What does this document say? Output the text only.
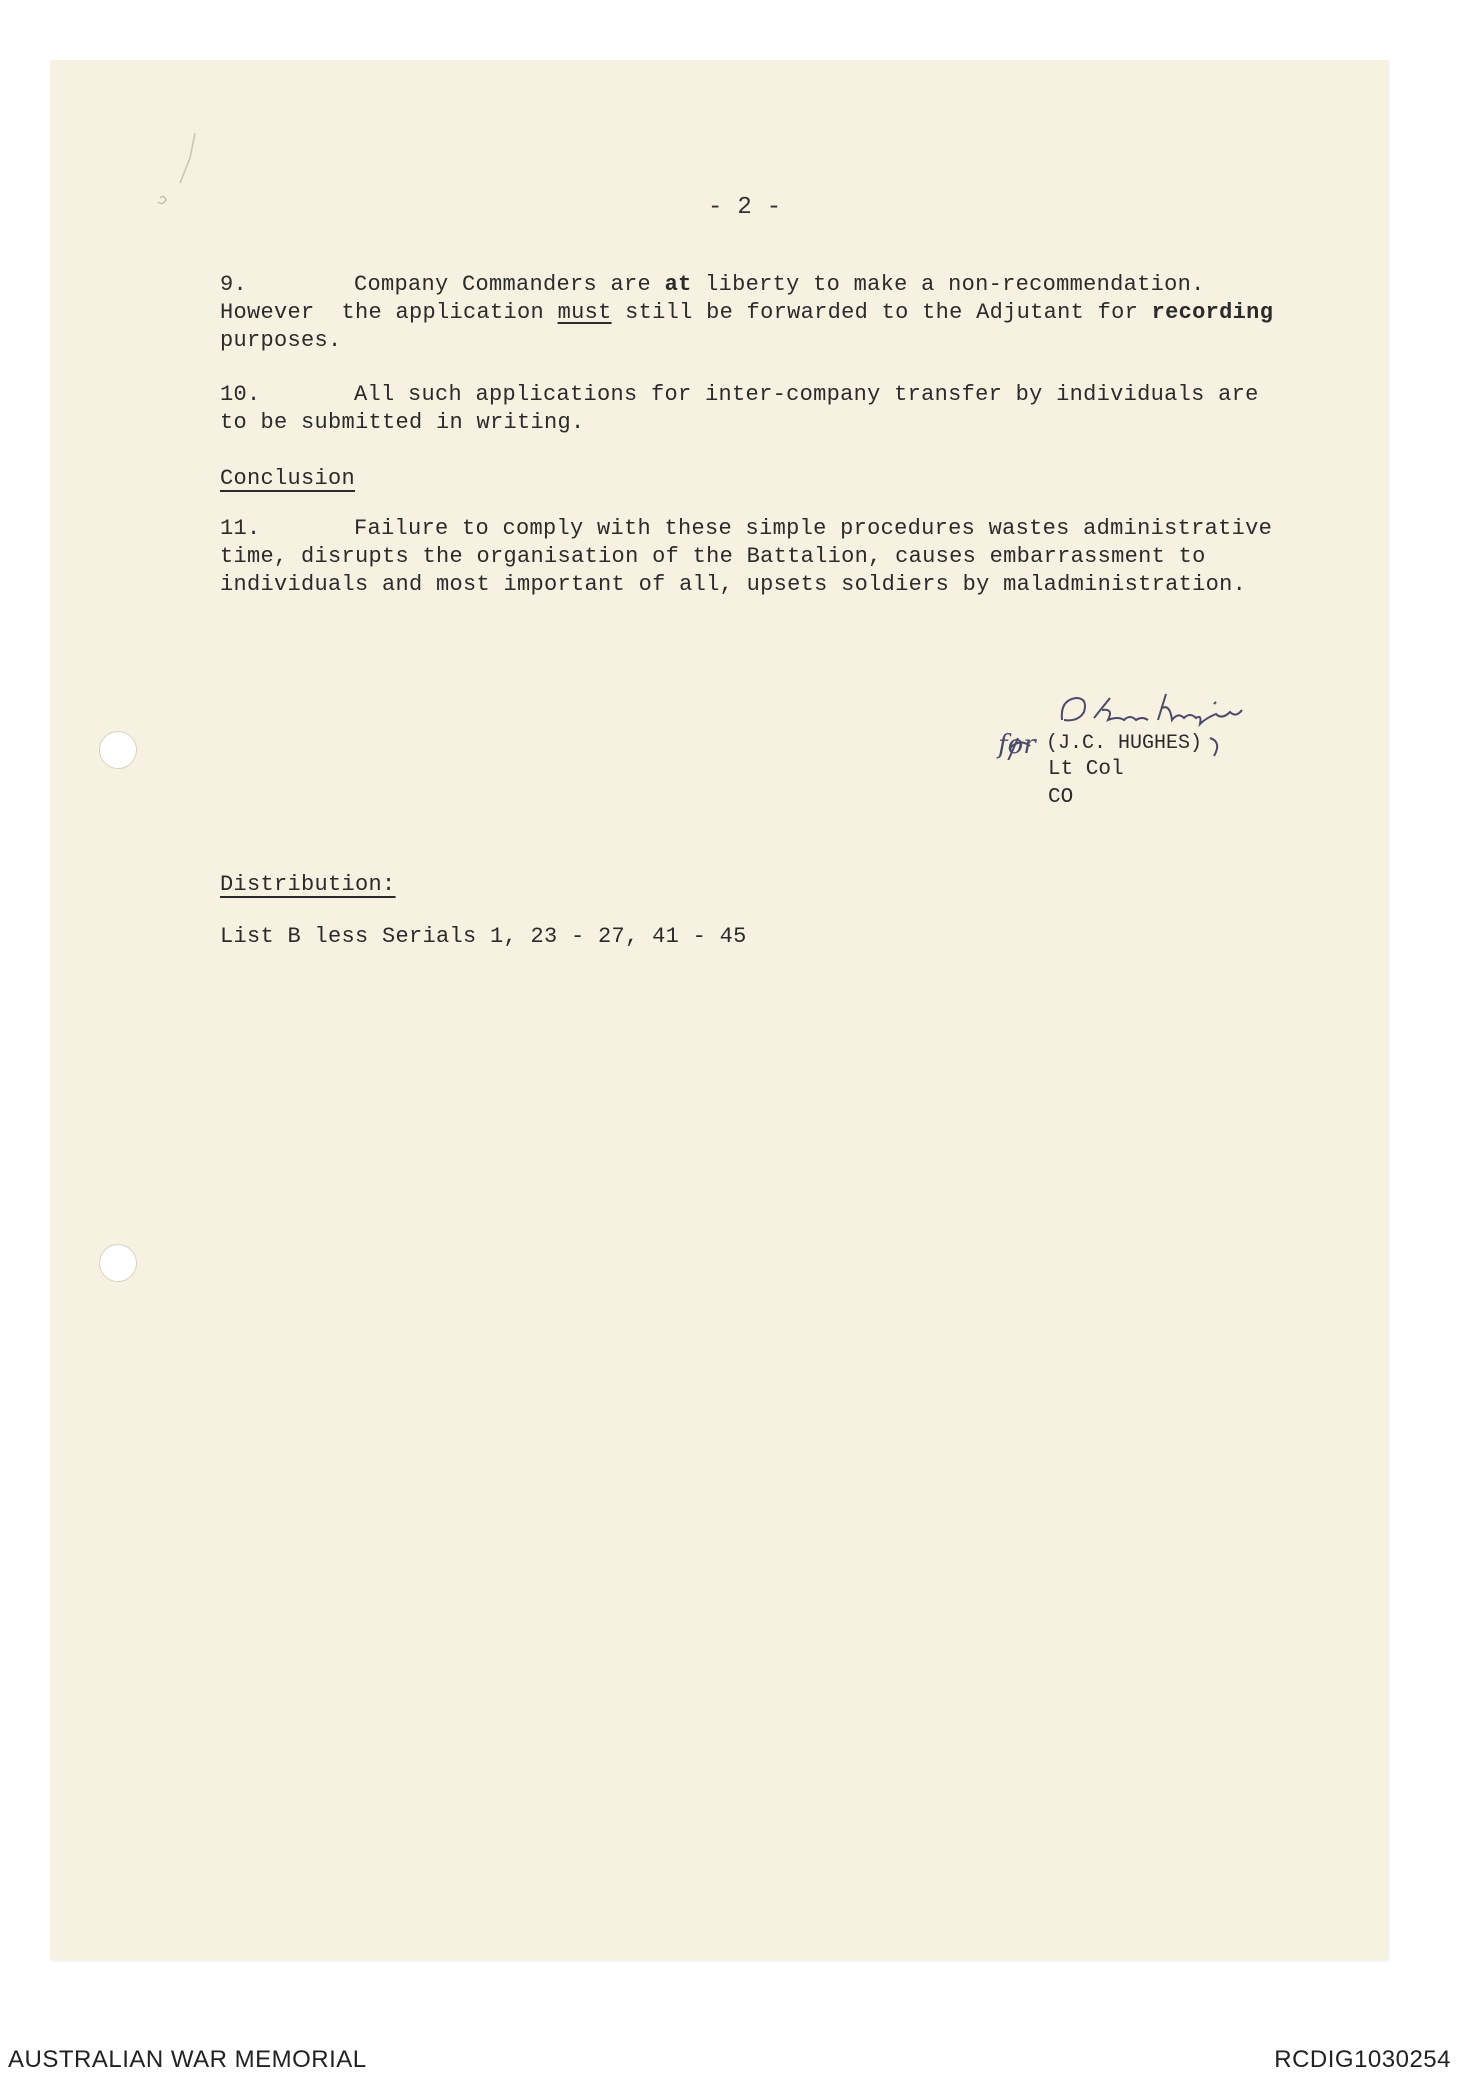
- 2 -
9.	Company Commanders are at liberty to make a non-recommendation.
However  the application must still be forwarded to the Adjutant for recording
purposes.
10.	All such applications for inter-company transfer by individuals are
to be submitted in writing.
Conclusion
11.	Failure to comply with these simple procedures wastes administrative
time, disrupts the organisation of the Battalion, causes embarrassment to
individuals and most important of all, upsets soldiers by maladministration.
for (J.C. HUGHES)
Lt Col
CO
Distribution:
List B less Serials 1, 23 - 27, 41 - 45
AUSTRALIAN WAR MEMORIAL	RCDIG1030254
